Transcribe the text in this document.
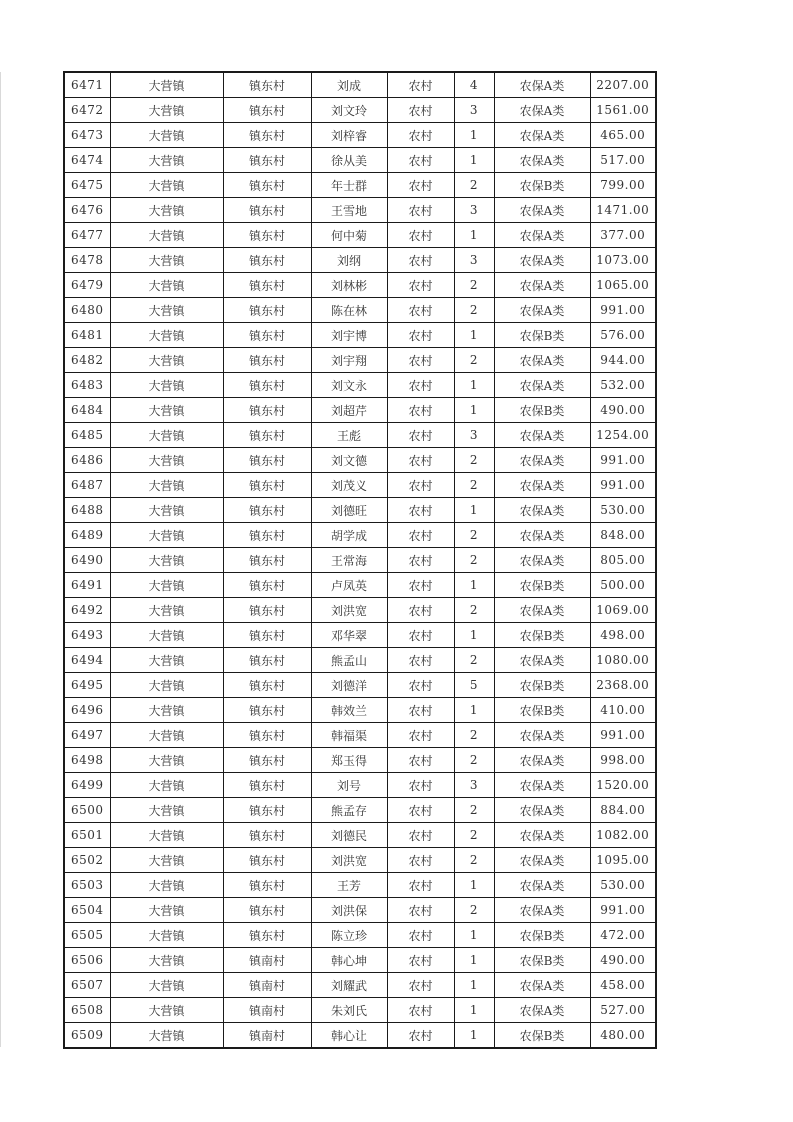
6471	大营镇	镇东村	刘成	农村	4	农保A类	2207.00
6472	大营镇	镇东村	刘文玲	农村	3	农保A类	1561.00
6473	大营镇	镇东村	刘梓睿	农村	1	农保A类	465.00
6474	大营镇	镇东村	徐从美	农村	1	农保A类	517.00
6475	大营镇	镇东村	年士群	农村	2	农保B类	799.00
6476	大营镇	镇东村	王雪地	农村	3	农保A类	1471.00
6477	大营镇	镇东村	何中菊	农村	1	农保A类	377.00
6478	大营镇	镇东村	刘纲	农村	3	农保A类	1073.00
6479	大营镇	镇东村	刘林彬	农村	2	农保A类	1065.00
6480	大营镇	镇东村	陈在林	农村	2	农保A类	991.00
6481	大营镇	镇东村	刘宇博	农村	1	农保B类	576.00
6482	大营镇	镇东村	刘宇翔	农村	2	农保A类	944.00
6483	大营镇	镇东村	刘文永	农村	1	农保A类	532.00
6484	大营镇	镇东村	刘超芹	农村	1	农保B类	490.00
6485	大营镇	镇东村	王彪	农村	3	农保A类	1254.00
6486	大营镇	镇东村	刘文德	农村	2	农保A类	991.00
6487	大营镇	镇东村	刘茂义	农村	2	农保A类	991.00
6488	大营镇	镇东村	刘德旺	农村	1	农保A类	530.00
6489	大营镇	镇东村	胡学成	农村	2	农保A类	848.00
6490	大营镇	镇东村	王常海	农村	2	农保A类	805.00
6491	大营镇	镇东村	卢凤英	农村	1	农保B类	500.00
6492	大营镇	镇东村	刘洪宽	农村	2	农保A类	1069.00
6493	大营镇	镇东村	邓华翠	农村	1	农保B类	498.00
6494	大营镇	镇东村	熊孟山	农村	2	农保A类	1080.00
6495	大营镇	镇东村	刘德洋	农村	5	农保B类	2368.00
6496	大营镇	镇东村	韩效兰	农村	1	农保B类	410.00
6497	大营镇	镇东村	韩福渠	农村	2	农保A类	991.00
6498	大营镇	镇东村	郑玉得	农村	2	农保A类	998.00
6499	大营镇	镇东村	刘号	农村	3	农保A类	1520.00
6500	大营镇	镇东村	熊孟存	农村	2	农保A类	884.00
6501	大营镇	镇东村	刘德民	农村	2	农保A类	1082.00
6502	大营镇	镇东村	刘洪宽	农村	2	农保A类	1095.00
6503	大营镇	镇东村	王芳	农村	1	农保A类	530.00
6504	大营镇	镇东村	刘洪保	农村	2	农保A类	991.00
6505	大营镇	镇东村	陈立珍	农村	1	农保B类	472.00
6506	大营镇	镇南村	韩心坤	农村	1	农保B类	490.00
6507	大营镇	镇南村	刘耀武	农村	1	农保A类	458.00
6508	大营镇	镇南村	朱刘氏	农村	1	农保A类	527.00
6509	大营镇	镇南村	韩心让	农村	1	农保B类	480.00
